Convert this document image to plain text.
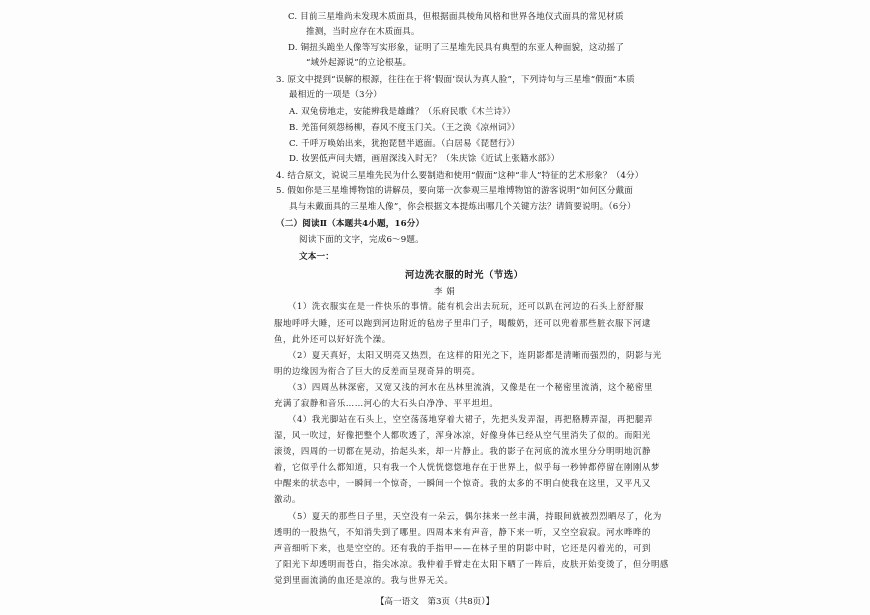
C. 目前三星堆尚未发现木质面具，但根据面具棱角风格和世界各地仪式面具的常见材质

推测，当时应存在木质面具。

D. 铜扭头跪坐人像等写实形象，证明了三星堆先民具有典型的东亚人种面貌，这动摇了

“域外起源说”的立论根基。

3. 原文中提到“误解的根源，往往在于将‘假面’误认为真人脸”，下列诗句与三星堆“假面”本质

最相近的一项是（3分）

A. 双兔傍地走，安能辨我是雄雌？（乐府民歌《木兰诗》）

B. 羌笛何须怨杨柳，春风不度玉门关。（王之涣《凉州词》）

C. 千呼万唤始出来，犹抱琵琶半遮面。（白居易《琵琶行》）

D. 妆罢低声问夫婿，画眉深浅入时无？（朱庆馀《近试上张籍水部》）

4. 结合原文，说说三星堆先民为什么要制造和使用“假面”这种“非人”特征的艺术形象？（4分）

5. 假如你是三星堆博物馆的讲解员，要向第一次参观三星堆博物馆的游客说明“如何区分戴面

具与未戴面具的三星堆人像”，你会根据文本提炼出哪几个关键方法？请简要说明。（6分）

（二）阅读Ⅱ（本题共4小题，16分）

阅读下面的文字，完成6～9题。

文本一：

河边洗衣服的时光（节选）

李 娟

（1）洗衣服实在是一件快乐的事情。能有机会出去玩玩，还可以趴在河边的石头上舒舒服

服地呼呼大睡，还可以跑到河边附近的毡房子里串门子，喝酸奶，还可以兜着那些脏衣服下河逮

鱼，此外还可以好好洗个澡。

（2）夏天真好，太阳又明亮又热烈，在这样的阳光之下，连阴影都是清晰而强烈的，阴影与光

明的边缘因为衔合了巨大的反差而呈现奇异的明亮。

（3）四周丛林深密，又宽又浅的河水在丛林里流淌，又像是在一个秘密里流淌，这个秘密里

充满了寂静和音乐……河心的大石头白净净、平平坦坦。

（4）我光脚站在石头上，空空荡荡地穿着大裙子，先把头发弄湿，再把胳膊弄湿，再把腿弄

湿，风一吹过，好像把整个人都吹透了，浑身冰凉，好像身体已经从空气里消失了似的。而阳光

滚烫，四周的一切都在晃动，抬起头来，却一片静止。我的影子在河底的流水里分分明明地沉静

着，它似乎什么都知道，只有我一个人恍恍惚惚地存在于世界上，似乎每一秒钟都停留在刚刚从梦

中醒来的状态中，一瞬间一个惊奇，一瞬间一个惊奇。我的太多的不明白使我在这里，又平凡又

激动。

（5）夏天的那些日子里，天空没有一朵云，偶尔抹来一丝丰满，持眼间就被烈烈晒尽了，化为

透明的一股热气，不知消失到了哪里。四周本来有声音，静下来一听，又空空寂寂。河水哗哗的

声音细听下来，也是空空的。还有我的手指甲——在林子里的阴影中时，它还是闪着光的，可到

了阳光下却透明而苍白，指尖冰凉。我仲着手臂走在太阳下晒了一阵后，皮肤开始变烫了，但分明感

觉到里面流淌的血还是凉的。我与世界无关。

【高一语文　第3页（共8页）】
